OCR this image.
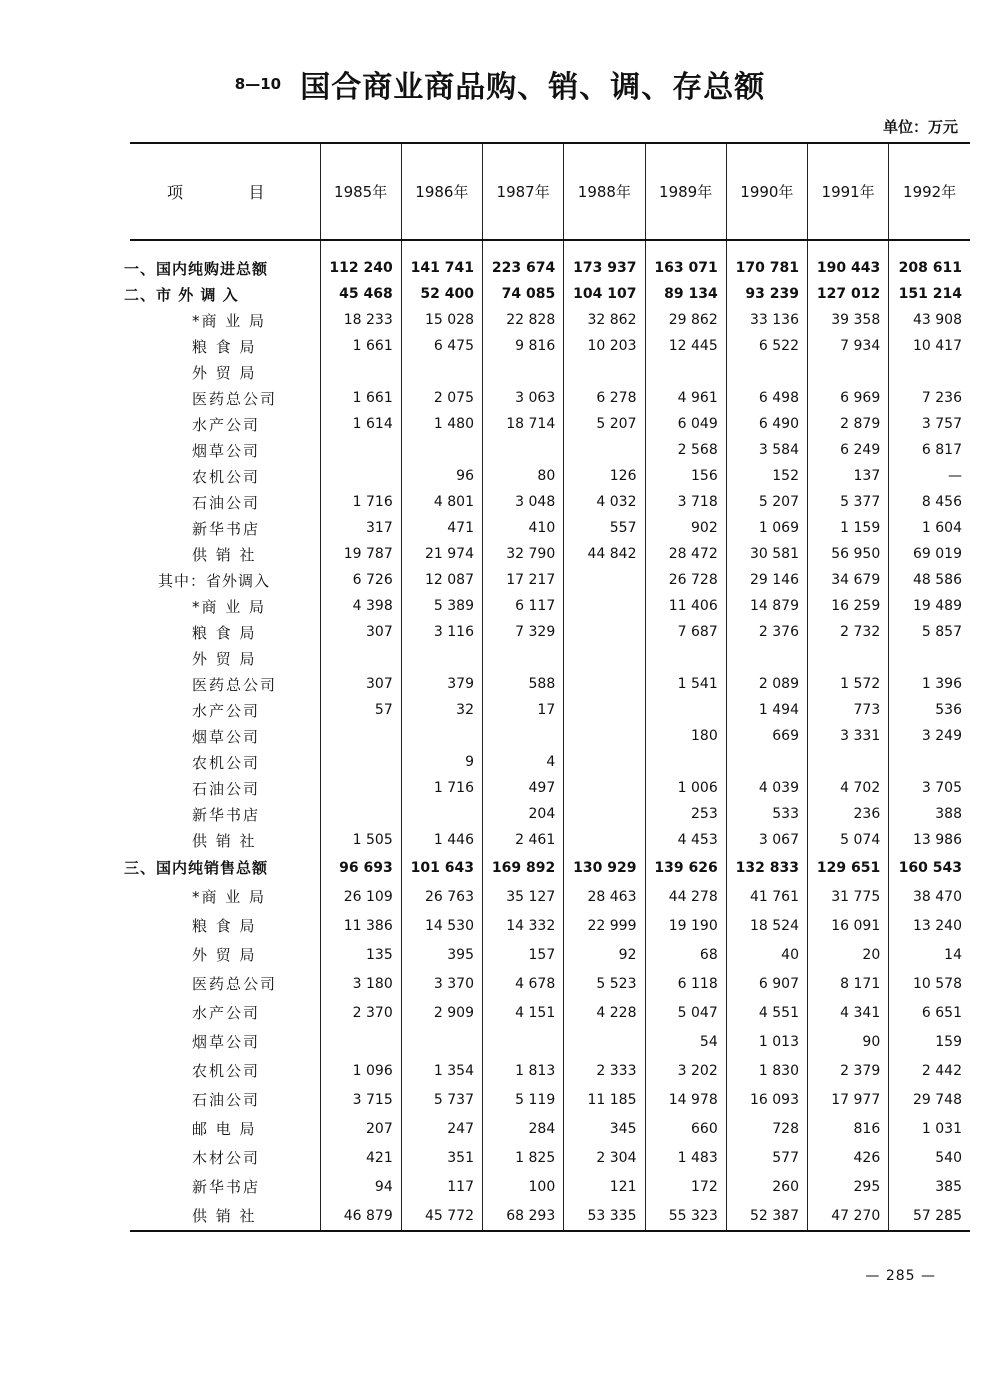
8—10 国合商业商品购、销、调、存总额
单位：万元
项 目	1985年	1986年	1987年	1988年	1989年	1990年	1991年	1992年

一、国内纯购进总额	112 240	141 741	223 674	173 937	163 071	170 781	190 443	208 611
二、市 外 调 入	45 468	52 400	74 085	104 107	89 134	93 239	127 012	151 214
*商 业 局	18 233	15 028	22 828	32 862	29 862	33 136	39 358	43 908
粮 食 局	1 661	6 475	9 816	10 203	12 445	6 522	7 934	10 417
外 贸 局								
医药总公司	1 661	2 075	3 063	6 278	4 961	6 498	6 969	7 236
水产公司	1 614	1 480	18 714	5 207	6 049	6 490	2 879	3 757
烟草公司					2 568	3 584	6 249	6 817
农机公司		96	80	126	156	152	137	—
石油公司	1 716	4 801	3 048	4 032	3 718	5 207	5 377	8 456
新华书店	317	471	410	557	902	1 069	1 159	1 604
供 销 社	19 787	21 974	32 790	44 842	28 472	30 581	56 950	69 019
其中：省外调入	6 726	12 087	17 217		26 728	29 146	34 679	48 586
*商 业 局	4 398	5 389	6 117		11 406	14 879	16 259	19 489
粮 食 局	307	3 116	7 329		7 687	2 376	2 732	5 857
外 贸 局								
医药总公司	307	379	588		1 541	2 089	1 572	1 396
水产公司	57	32	17			1 494	773	536
烟草公司					180	669	3 331	3 249
农机公司		9	4					
石油公司		1 716	497		1 006	4 039	4 702	3 705
新华书店			204		253	533	236	388
供 销 社	1 505	1 446	2 461		4 453	3 067	5 074	13 986
三、国内纯销售总额	96 693	101 643	169 892	130 929	139 626	132 833	129 651	160 543
*商 业 局	26 109	26 763	35 127	28 463	44 278	41 761	31 775	38 470
粮 食 局	11 386	14 530	14 332	22 999	19 190	18 524	16 091	13 240
外 贸 局	135	395	157	92	68	40	20	14
医药总公司	3 180	3 370	4 678	5 523	6 118	6 907	8 171	10 578
水产公司	2 370	2 909	4 151	4 228	5 047	4 551	4 341	6 651
烟草公司					54	1 013	90	159
农机公司	1 096	1 354	1 813	2 333	3 202	1 830	2 379	2 442
石油公司	3 715	5 737	5 119	11 185	14 978	16 093	17 977	29 748
邮 电 局	207	247	284	345	660	728	816	1 031
木材公司	421	351	1 825	2 304	1 483	577	426	540
新华书店	94	117	100	121	172	260	295	385
供 销 社	46 879	45 772	68 293	53 335	55 323	52 387	47 270	57 285
— 285 —
